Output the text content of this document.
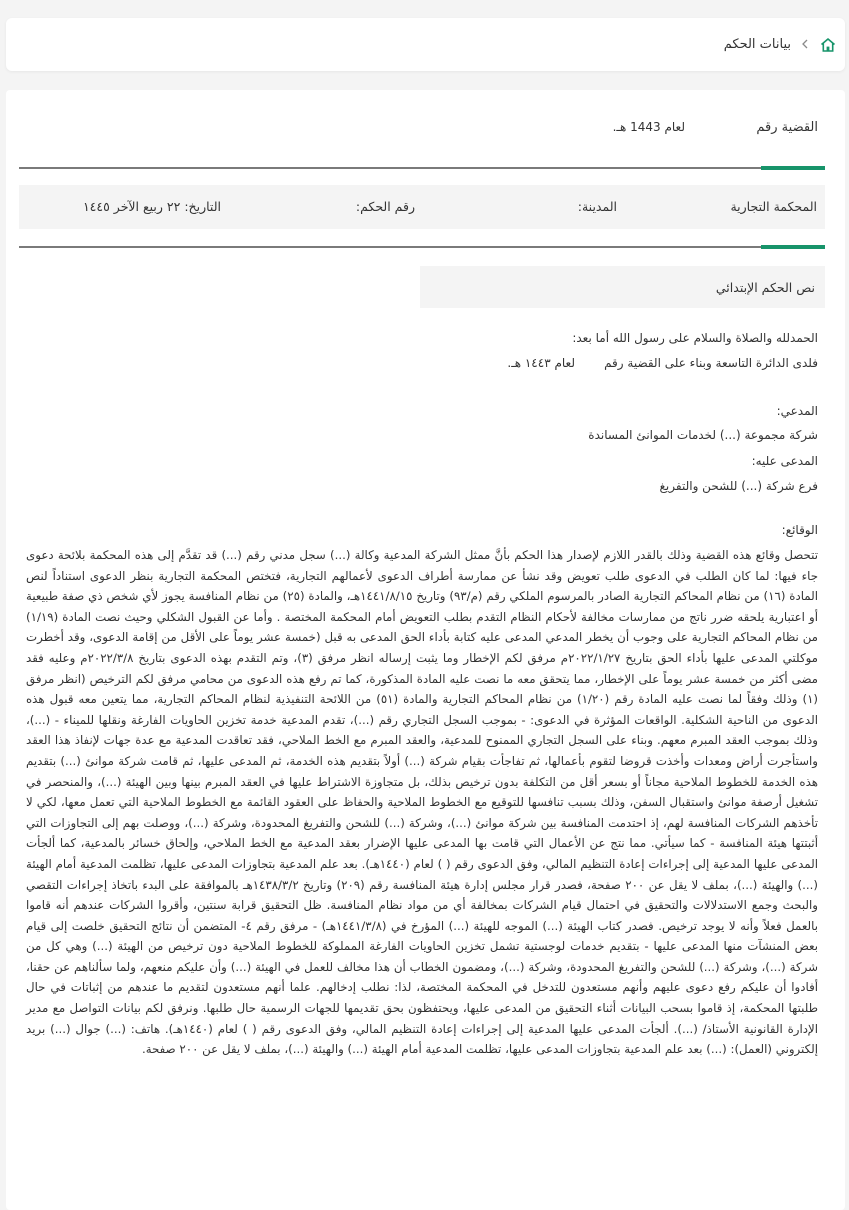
بيانات الحكم
القضية رقم
لعام 1443 هـ.
المحكمة التجارية
المدينة:
رقم الحكم:
التاريخ: ٢٢ ربيع الآخر ١٤٤٥
نص الحكم الإبتدائي
الحمدلله والصلاة والسلام على رسول الله أما بعد:
فلدى الدائرة التاسعة وبناء على القضية رقم
لعام ١٤٤٣ هـ.
المدعي:
شركة مجموعة (...) لخدمات الموانئ المساندة
المدعى عليه:
فرع شركة (...) للشحن والتفريغ
الوقائع:
تتحصل وقائع هذه القضية وذلك بالقدر اللازم لإصدار هذا الحكم بأنَّ ممثل الشركة المدعية وكالة (...) سجل مدني رقم (...) قد تقدَّم إلى هذه المحكمة بلائحة دعوى جاء فيها: لما كان الطلب في الدعوى طلب تعويض وقد نشأ عن ممارسة أطراف الدعوى لأعمالهم التجارية، فتختص المحكمة التجارية بنظر الدعوى استناداً لنص المادة (١٦) من نظام المحاكم التجارية الصادر بالمرسوم الملكي رقم (م/٩٣) وتاريخ ١٤٤١/٨/١٥هـ، والمادة (٢٥) من نظام المنافسة يجوز لأي شخص ذي صفة طبيعية أو اعتبارية يلحقه ضرر ناتج من ممارسات مخالفة لأحكام النظام التقدم بطلب التعويض أمام المحكمة المختصة . وأما عن القبول الشكلي وحيث نصت المادة (١/١٩) من نظام المحاكم التجارية على وجوب أن يخطر المدعي المدعى عليه كتابة بأداء الحق المدعى به قبل (خمسة عشر يوماً على الأقل من إقامة الدعوى، وقد أخطرت موكلتي المدعى عليها بأداء الحق بتاريخ ٢٠٢٢/١/٢٧م مرفق لكم الإخطار وما يثبت إرساله انظر مرفق (٣)، وتم التقدم بهذه الدعوى بتاريخ ٢٠٢٢/٣/٨م وعليه فقد مضى أكثر من خمسة عشر يوماً على الإخطار، مما يتحقق معه ما نصت عليه المادة المذكورة، كما تم رفع هذه الدعوى من محامي مرفق لكم الترخيص (انظر مرفق (١) وذلك وفقاً لما نصت عليه المادة رقم (١/٢٠) من نظام المحاكم التجارية والمادة (٥١) من اللائحة التنفيذية لنظام المحاكم التجارية، مما يتعين معه قبول هذه الدعوى من الناحية الشكلية. الواقعات المؤثرة في الدعوى: - بموجب السجل التجاري رقم (...)، تقدم المدعية خدمة تخزين الحاويات الفارغة ونقلها للميناء - (...)، وذلك بموجب العقد المبرم معهم. وبناء على السجل التجاري الممنوح للمدعية، والعقد المبرم مع الخط الملاحي، فقد تعاقدت المدعية مع عدة جهات لإنفاذ هذا العقد واستأجرت أراض ومعدات وأخذت قروضا لتقوم بأعمالها، ثم تفاجأت بقيام شركة (...) أولاً بتقديم هذه الخدمة، ثم المدعى عليها، ثم قامت شركة موانئ (...) بتقديم هذه الخدمة للخطوط الملاحية مجاناً أو بسعر أقل من التكلفة بدون ترخيص بذلك، بل متجاوزة الاشتراط عليها في العقد المبرم بينها وبين الهيئة (...)، والمنحصر في تشغيل أرصفة موانئ واستقبال السفن، وذلك بسبب تنافسها للتوقيع مع الخطوط الملاحية والحفاظ على العقود القائمة مع الخطوط الملاحية التي تعمل معها، لكي لا تأخذهم الشركات المنافسة لهم، إذ احتدمت المنافسة بين شركة موانئ (...)، وشركة (...) للشحن والتفريغ المحدودة، وشركة (...)، ووصلت بهم إلى التجاوزات التي أثبتتها هيئة المنافسة - كما سيأتي. مما نتج عن الأعمال التي قامت بها المدعى عليها الإضرار بعقد المدعية مع الخط الملاحي، وإلحاق خسائر بالمدعية، كما ألجأت المدعى عليها المدعية إلى إجراءات إعادة التنظيم المالي، وفق الدعوى رقم ( ) لعام (١٤٤٠هـ). بعد علم المدعية بتجاوزات المدعى عليها، تظلمت المدعية أمام الهيئة (...) والهيئة (...)، بملف لا يقل عن ٢٠٠ صفحة، فصدر قرار مجلس إدارة هيئة المنافسة رقم (٢٠٩) وتاريخ ١٤٣٨/٣/٢هـ بالموافقة على البدء باتخاذ إجراءات التقصي والبحث وجمع الاستدلالات والتحقيق في احتمال قيام الشركات بمخالفة أي من مواد نظام المنافسة. ظل التحقيق قرابة سنتين، وأقروا الشركات عندهم أنه قاموا بالعمل فعلاً وأنه لا يوجد ترخيص. فصدر كتاب الهيئة (...) الموجه للهيئة (...) المؤرخ في (١٤٤١/٣/٨هـ) - مرفق رقم ٤- المتضمن أن نتائج التحقيق خلصت إلى قيام بعض المنشآت منها المدعى عليها - بتقديم خدمات لوجستية تشمل تخزين الحاويات الفارغة المملوكة للخطوط الملاحية دون ترخيص من الهيئة (...) وهي كل من شركة (...)، وشركة (...) للشحن والتفريغ المحدودة، وشركة (...)، ومضمون الخطاب أن هذا مخالف للعمل في الهيئة (...) وأن عليكم منعهم، ولما سألناهم عن حقنا، أفادوا أن عليكم رفع دعوى عليهم وأنهم مستعدون للتدخل في المحكمة المختصة، لذا: نطلب إدخالهم. علما أنهم مستعدون لتقديم ما عندهم من إثباتات في حال طلبتها المحكمة، إذ قاموا بسحب البيانات أثناء التحقيق من المدعى عليها، ويحتفظون بحق تقديمها للجهات الرسمية حال طلبها. ونرفق لكم بيانات التواصل مع مدير الإدارة القانونية الأستاذ/ (...). ألجأت المدعى عليها المدعية إلى إجراءات إعادة التنظيم المالي، وفق الدعوى رقم ( ) لعام (١٤٤٠هـ). هاتف: (...) جوال (...) بريد إلكتروني (العمل): (...) بعد علم المدعية بتجاوزات المدعى عليها، تظلمت المدعية أمام الهيئة (...) والهيئة (...)، بملف لا يقل عن ٢٠٠ صفحة.
